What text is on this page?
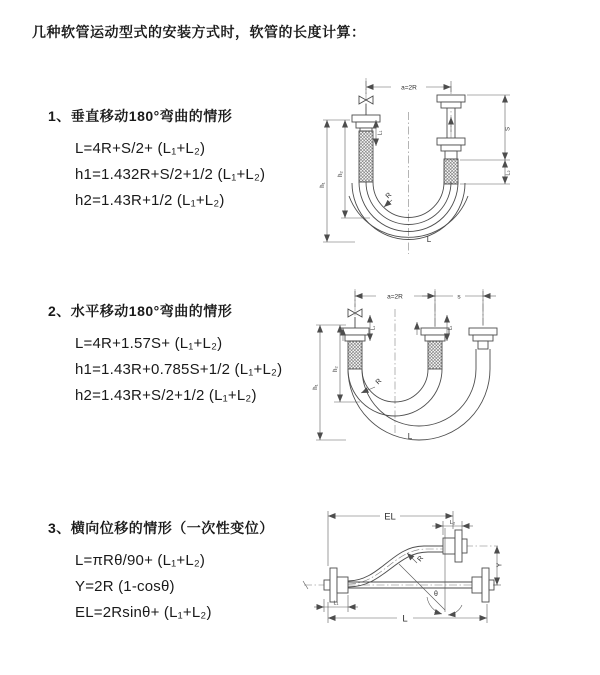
几种软管运动型式的安装方式时，软管的长度计算：
1、垂直移动180°弯曲的情形
L=4R+S/2+ (L₁+L₂)
h1=1.432R+S/2+1/2 (L₁+L₂)
h2=1.43R+1/2 (L₁+L₂)
2、水平移动180°弯曲的情形
L=4R+1.57S+ (L₁+L₂)
h1=1.43R+0.785S+1/2 (L₁+L₂)
h2=1.43R+S/2+1/2 (L₁+L₂)
3、横向位移的情形（一次性变位）
L=πRθ/90+ (L₁+L₂)
Y=2R (1-cosθ)
EL=2Rsinθ+ (L₁+L₂)
a=2R
h₁
h₂
L₁
S
L₂
R
L
a=2R	s
h₁
h₂
L₁	L₂
R
L
EL
L₂
Y
θ
R
L
L₁
